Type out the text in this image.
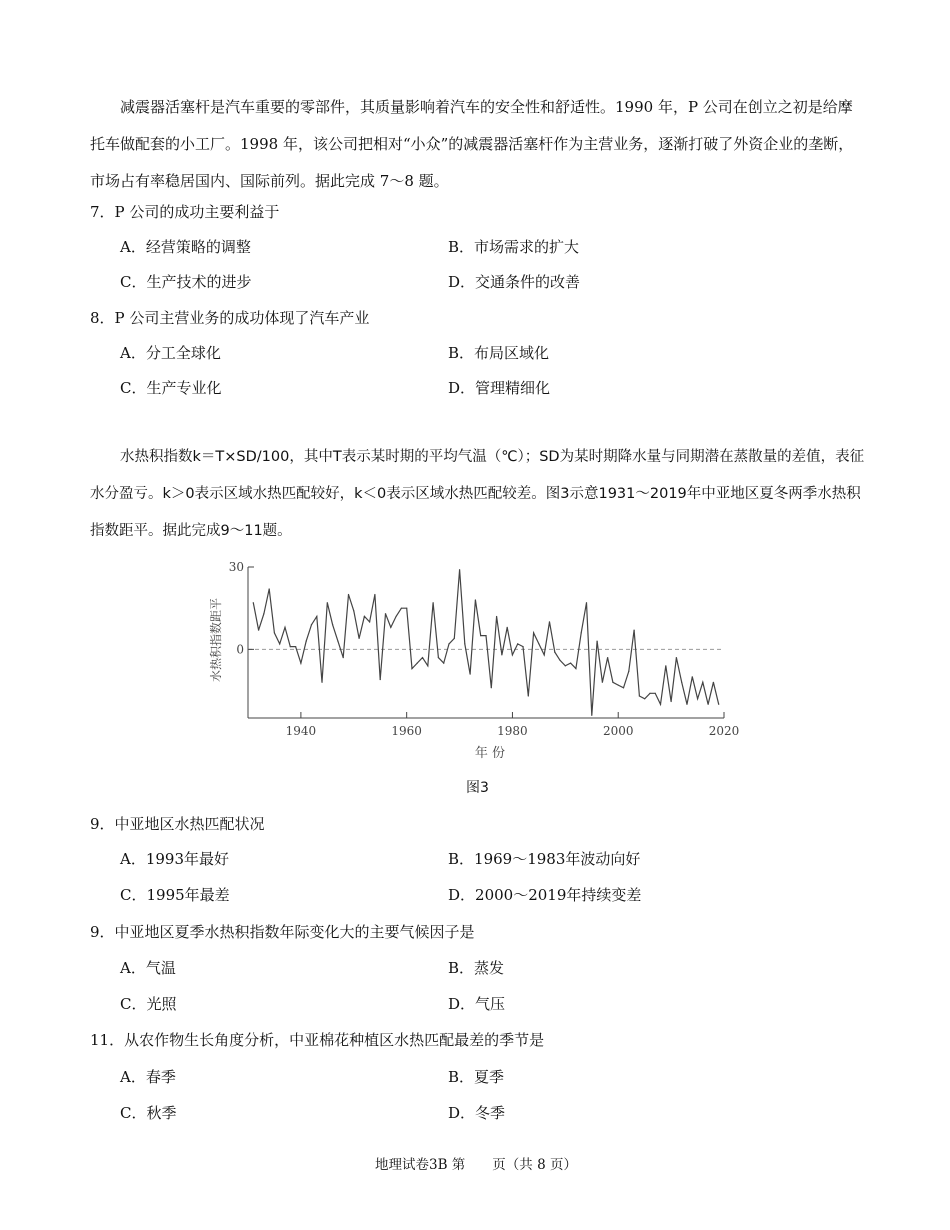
减震器活塞杆是汽车重要的零部件，其质量影响着汽车的安全性和舒适性。1990 年，P 公司在创立之初是给摩托车做配套的小工厂。1998 年，该公司把相对“小众”的减震器活塞杆作为主营业务，逐渐打破了外资企业的垄断，市场占有率稳居国内、国际前列。据此完成 7～8 题。
7．P 公司的成功主要利益于
A．经营策略的调整	B．市场需求的扩大
C．生产技术的进步	D．交通条件的改善
8．P 公司主营业务的成功体现了汽车产业
A．分工全球化	B．布局区域化
C．生产专业化	D．管理精细化
水热积指数k＝T×SD/100，其中T表示某时期的平均气温（℃）；SD为某时期降水量与同期潜在蒸散量的差值，表征水分盈亏。k＞0表示区域水热匹配较好，k＜0表示区域水热匹配较差。图3示意1931～2019年中亚地区夏冬两季水热积指数距平。据此完成9～11题。
0
30
1940	1960	1980	2000	2020
水热积指数距平
年 份
图3
9．中亚地区水热匹配状况
A．1993年最好	B．1969～1983年波动向好
C．1995年最差	D．2000～2019年持续变差
9．中亚地区夏季水热积指数年际变化大的主要气候因子是
A．气温	B．蒸发
C．光照	D．气压
11．从农作物生长角度分析，中亚棉花种植区水热匹配最差的季节是
A．春季	B．夏季
C．秋季	D．冬季
地理试卷3B 第　　页（共 8 页）
